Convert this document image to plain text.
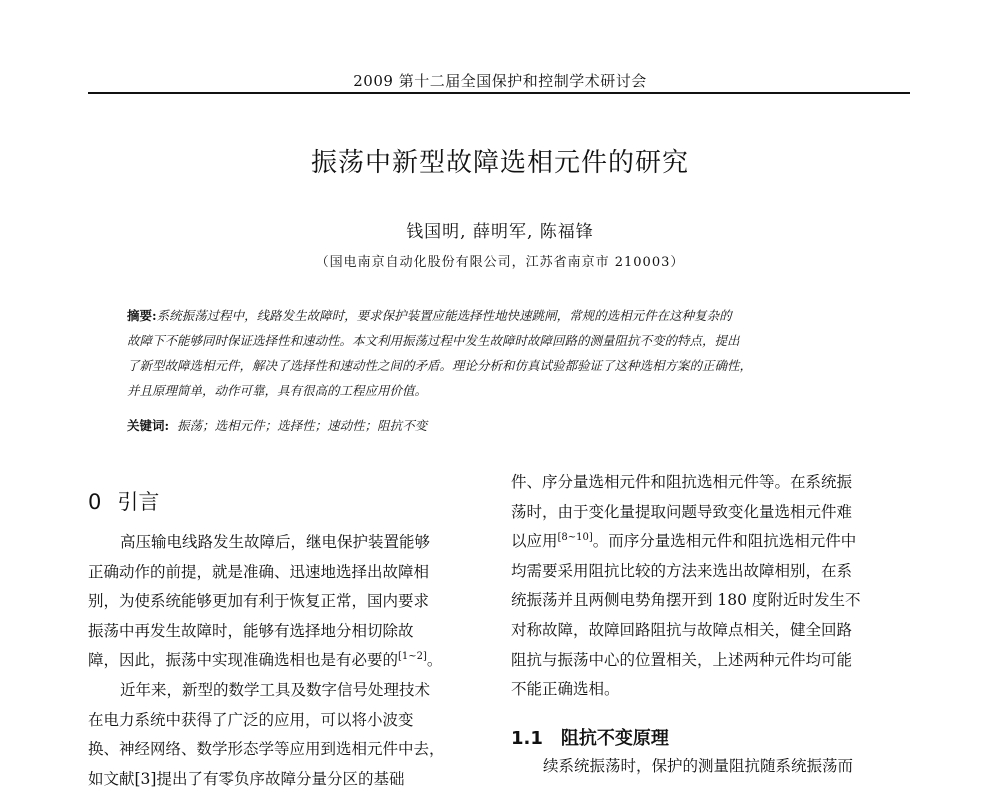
2009 第十二届全国保护和控制学术研讨会
振荡中新型故障选相元件的研究
钱国明, 薛明军, 陈福锋
（国电南京自动化股份有限公司，江苏省南京市 210003）
摘要:系统振荡过程中，线路发生故障时，要求保护装置应能选择性地快速跳闸，常规的选相元件在这种复杂的
故障下不能够同时保证选择性和速动性。本文利用振荡过程中发生故障时故障回路的测量阻抗不变的特点，提出
了新型故障选相元件，解决了选择性和速动性之间的矛盾。理论分析和仿真试验都验证了这种选相方案的正确性，
并且原理简单，动作可靠，具有很高的工程应用价值。
关键词: 振荡；选相元件；选择性；速动性；阻抗不变
0 引言
高压输电线路发生故障后，继电保护装置能够
正确动作的前提，就是准确、迅速地选择出故障相
别，为使系统能够更加有利于恢复正常，国内要求
振荡中再发生故障时，能够有选择地分相切除故
障，因此，振荡中实现准确选相也是有必要的[1~2]。
近年来，新型的数学工具及数字信号处理技术
在电力系统中获得了广泛的应用，可以将小波变
换、神经网络、数学形态学等应用到选相元件中去，
如文献[3]提出了有零负序故障分量分区的基础
件、序分量选相元件和阻抗选相元件等。在系统振
荡时，由于变化量提取问题导致变化量选相元件难
以应用[8~10]。而序分量选相元件和阻抗选相元件中
均需要采用阻抗比较的方法来选出故障相别，在系
统振荡并且两侧电势角摆开到 180 度附近时发生不
对称故障，故障回路阻抗与故障点相关，健全回路
阻抗与振荡中心的位置相关，上述两种元件均可能
不能正确选相。
1.1 阻抗不变原理
续系统振荡时，保护的测量阻抗随系统振荡而
